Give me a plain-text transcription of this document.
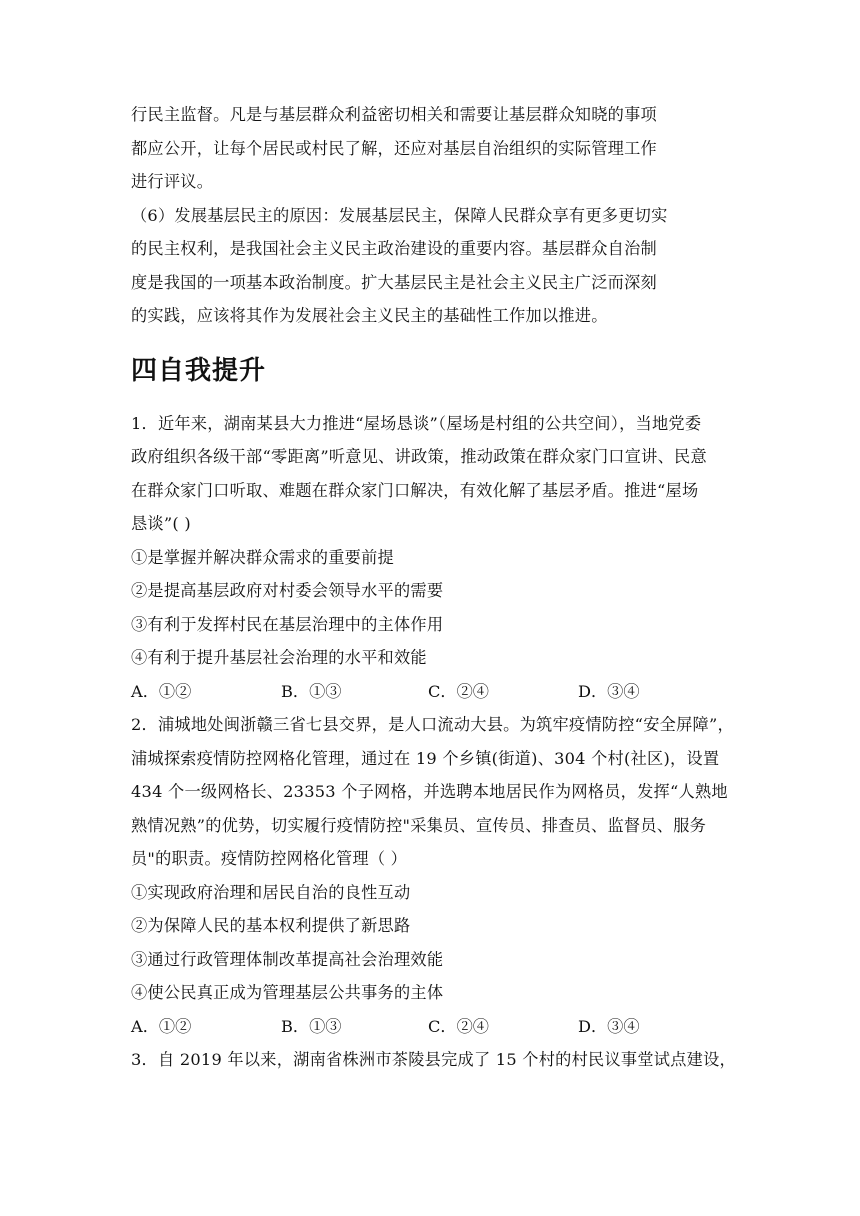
行民主监督。凡是与基层群众利益密切相关和需要让基层群众知晓的事项

都应公开，让每个居民或村民了解，还应对基层自治组织的实际管理工作

进行评议。

（6）发展基层民主的原因：发展基层民主，保障人民群众享有更多更切实

的民主权利，是我国社会主义民主政治建设的重要内容。基层群众自治制

度是我国的一项基本政治制度。扩大基层民主是社会主义民主广泛而深刻

的实践，应该将其作为发展社会主义民主的基础性工作加以推进。

四自我提升

1．近年来，湖南某县大力推进“屋场恳谈”（屋场是村组的公共空间），当地党委

政府组织各级干部“零距离”听意见、讲政策，推动政策在群众家门口宣讲、民意

在群众家门口听取、难题在群众家门口解决，有效化解了基层矛盾。推进“屋场

恳谈”( )

①是掌握并解决群众需求的重要前提

②是提高基层政府对村委会领导水平的需要

③有利于发挥村民在基层治理中的主体作用

④有利于提升基层社会治理的水平和效能

A．①②	B．①③	C．②④	D．③④

2．浦城地处闽浙赣三省七县交界，是人口流动大县。为筑牢疫情防控“安全屏障”，

浦城探索疫情防控网格化管理，通过在 19 个乡镇(街道)、304 个村(社区)，设置

434 个一级网格长、23353 个子网格，并选聘本地居民作为网格员，发挥“人熟地

熟情况熟”的优势，切实履行疫情防控"采集员、宣传员、排查员、监督员、服务

员"的职责。疫情防控网格化管理（ ）

①实现政府治理和居民自治的良性互动

②为保障人民的基本权利提供了新思路

③通过行政管理体制改革提高社会治理效能

④使公民真正成为管理基层公共事务的主体

A．①②	B．①③	C．②④	D．③④

3．自 2019 年以来，湖南省株洲市茶陵县完成了 15 个村的村民议事堂试点建设，
